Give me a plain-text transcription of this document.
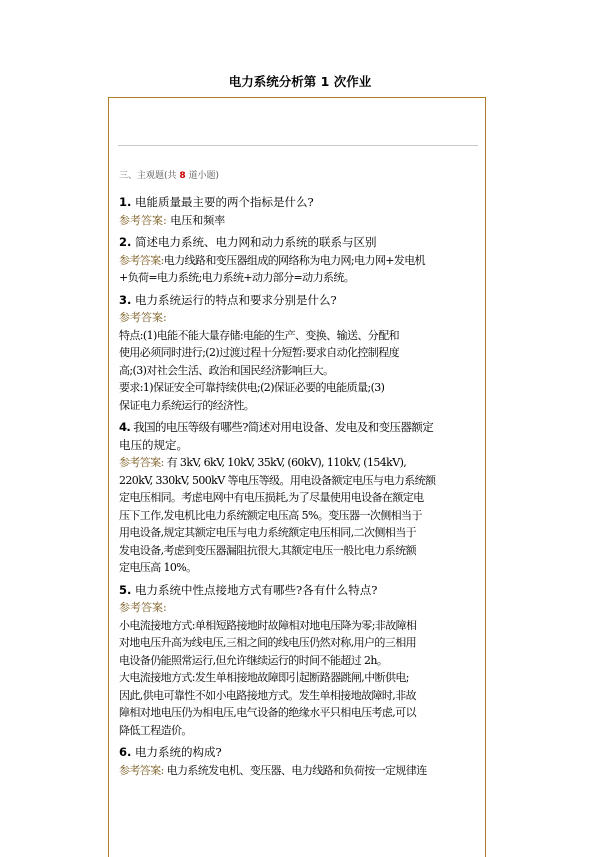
电力系统分析第 1 次作业
三、主观题(共 8 道小题)

1. 电能质量最主要的两个指标是什么?

参考答案: 电压和频率

2. 简述电力系统、电力网和动力系统的联系与区别

参考答案:电力线路和变压器组成的网络称为电力网;电力网+发电机

+负荷=电力系统;电力系统+动力部分=动力系统。

3. 电力系统运行的特点和要求分别是什么?

参考答案:

特点:(1)电能不能大量存储:电能的生产、变换、输送、分配和

使用必须同时进行;(2)过渡过程十分短暂:要求自动化控制程度

高;(3)对社会生活、政治和国民经济影响巨大。

要求:1)保证安全可靠持续供电;(2)保证必要的电能质量;(3)

保证电力系统运行的经济性。

4. 我国的电压等级有哪些?简述对用电设备、发电及和变压器额定

电压的规定。

参考答案: 有 3kV, 6kV, 10kV, 35kV, (60kV), 110kV, (154kV),

220kV, 330kV, 500kV 等电压等级。用电设备额定电压与电力系统额

定电压相同。考虑电网中有电压损耗,为了尽量使用电设备在额定电

压下工作,发电机比电力系统额定电压高 5%。变压器一次侧相当于

用电设备,规定其额定电压与电力系统额定电压相同,二次侧相当于

发电设备,考虑到变压器漏阻抗很大,其额定电压一般比电力系统额

定电压高 10%。

5. 电力系统中性点接地方式有哪些?各有什么特点?

参考答案:

小电流接地方式:单相短路接地时故障相对地电压降为零;非故障相

对地电压升高为线电压,三相之间的线电压仍然对称,用户的三相用

电设备仍能照常运行,但允许继续运行的时间不能超过 2h。

大电流接地方式:发生单相接地故障即引起断路器跳闸,中断供电;

因此,供电可靠性不如小电路接地方式。发生单相接地故障时,非故

障相对地电压仍为相电压,电气设备的绝缘水平只相电压考虑,可以

降低工程造价。

6. 电力系统的构成?

参考答案: 电力系统发电机、变压器、电力线路和负荷按一定规律连
